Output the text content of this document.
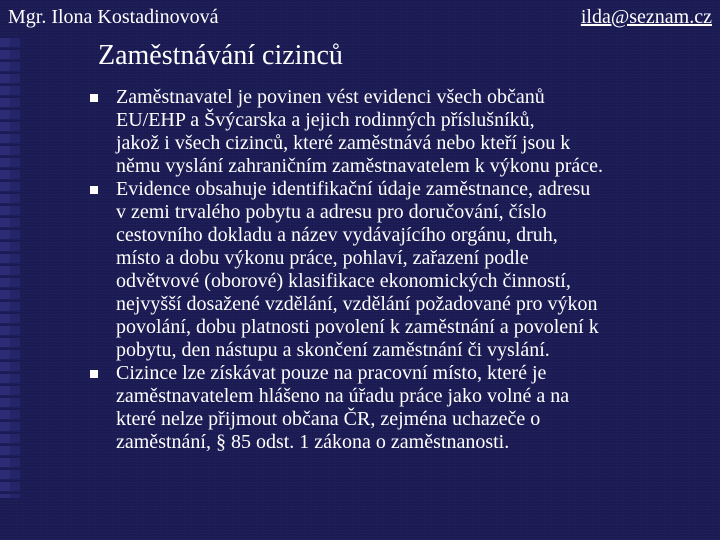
Mgr. Ilona Kostadinovová	ilda@seznam.cz
Zaměstnávání cizinců
Zaměstnavatel je povinen vést evidenci všech občanů
EU/EHP a Švýcarska a jejich rodinných příslušníků,
jakož i všech cizinců, které zaměstnává nebo kteří jsou k
němu vyslání zahraničním zaměstnavatelem k výkonu práce.
Evidence obsahuje identifikační údaje zaměstnance, adresu
v zemi trvalého pobytu a adresu pro doručování, číslo
cestovního dokladu a název vydávajícího orgánu, druh,
místo a dobu výkonu práce, pohlaví, zařazení podle
odvětvové (oborové) klasifikace ekonomických činností,
nejvyšší dosažené vzdělání, vzdělání požadované pro výkon
povolání, dobu platnosti povolení k zaměstnání a povolení k
pobytu, den nástupu a skončení zaměstnání či vyslání.
Cizince lze získávat pouze na pracovní místo, které je
zaměstnavatelem hlášeno na úřadu práce jako volné a na
které nelze přijmout občana ČR, zejména uchazeče o
zaměstnání, § 85 odst. 1 zákona o zaměstnanosti.
